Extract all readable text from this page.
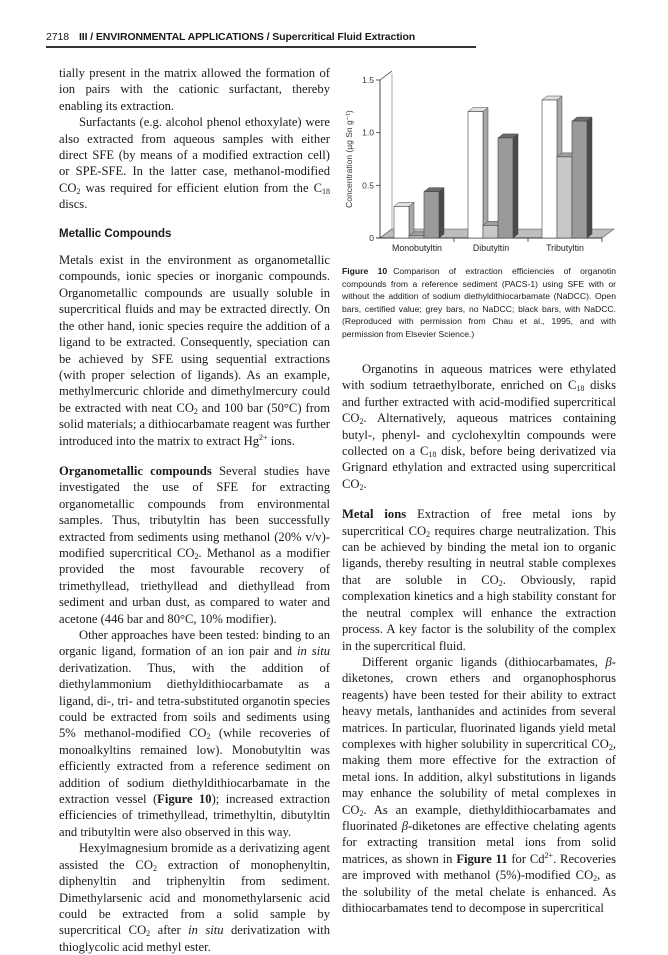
2718 III / ENVIRONMENTAL APPLICATIONS / Supercritical Fluid Extraction

tially present in the matrix allowed the formation of ion pairs with the cationic surfactant, thereby enabling its extraction.

Surfactants (e.g. alcohol phenol ethoxylate) were also extracted from aqueous samples with either direct SFE (by means of a modified extraction cell) or SPE-SFE. In the latter case, methanol-modified $CO_2$ was required for efficient elution from the $C_{18}$ discs.

Metallic Compounds

Metals exist in the environment as organometallic compounds, ionic species or inorganic compounds. Organometallic compounds are usually soluble in supercritical fluids and may be extracted directly. On the other hand, ionic species require the addition of a ligand to be extracted. Consequently, speciation can be achieved by SFE using sequential extractions (with proper selection of ligands). As an example, methylmercuric chloride and dimethylmercury could be extracted with neat $CO_2$ and 100 bar (50°C) from solid materials; a dithiocarbamate reagent was further introduced into the matrix to extract $Hg^{2+}$ ions.

Organometallic compounds Several studies have investigated the use of SFE for extracting organometallic compounds from environmental samples. Thus, tributyltin has been successfully extracted from sediments using methanol (20% v/v)-modified supercritical $CO_2$. Methanol as a modifier provided the most favourable recovery of trimethyllead, triethyllead and diethyllead from sediment and urban dust, as compared to water and acetone (446 bar and 80°C, 10% modifier).

Other approaches have been tested: binding to an organic ligand, formation of an ion pair and in situ derivatization. Thus, with the addition of diethylammonium diethyldithiocarbamate as a ligand, di-, tri- and tetra-substituted organotin species could be extracted from soils and sediments using 5% methanol-modified $CO_2$ (while recoveries of monoalkyltins remained low). Monobutyltin was efficiently extracted from a reference sediment on addition of sodium diethyldithiocarbamate in the extraction vessel (Figure 10); increased extraction efficiencies of trimethyllead, trimethyltin, dibutyltin and tributyltin were also observed in this way.

Hexylmagnesium bromide as a derivatizing agent assisted the $CO_2$ extraction of monophenyltin, diphenyltin and triphenyltin from sediment. Dimethylarsenic acid and monomethylarsenic acid could be extracted from a solid sample by supercritical $CO_2$ after in situ derivatization with thioglycolic acid methyl ester.

0
0.5
1.0
1.5
Concentration (µg Sn g⁻¹)
Monobutyltin	Dibutyltin	Tributyltin
Figure 10 Comparison of extraction efficiencies of organotin compounds from a reference sediment (PACS-1) using SFE with or without the addition of sodium diethyldithiocarbamate (NaDCC). Open bars, certified value; grey bars, no NaDCC; black bars, with NaDCC. (Reproduced with permission from Chau et al., 1995, and with permission from Elsevier Science.)

Organotins in aqueous matrices were ethylated with sodium tetraethylborate, enriched on $C_{18}$ disks and further extracted with acid-modified supercritical $CO_2$. Alternatively, aqueous matrices containing butyl-, phenyl- and cyclohexyltin compounds were collected on a $C_{18}$ disk, before being derivatized via Grignard ethylation and extracted using supercritical $CO_2$.

Metal ions Extraction of free metal ions by supercritical $CO_2$ requires charge neutralization. This can be achieved by binding the metal ion to organic ligands, thereby resulting in neutral stable complexes that are soluble in $CO_2$. Obviously, rapid complexation kinetics and a high stability constant for the neutral complex will enhance the extraction process. A key factor is the solubility of the complex in the supercritical fluid.

Different organic ligands (dithiocarbamates, β-diketones, crown ethers and organophosphorus reagents) have been tested for their ability to extract heavy metals, lanthanides and actinides from several matrices. In particular, fluorinated ligands yield metal complexes with higher solubility in supercritical $CO_2$, making them more effective for the extraction of metal ions. In addition, alkyl substitutions in ligands may enhance the solubility of metal complexes in $CO_2$. As an example, diethyldithiocarbamates and fluorinated β-diketones are effective chelating agents for extracting transition metal ions from solid matrices, as shown in Figure 11 for $Cd^{2+}$. Recoveries are improved with methanol (5%)-modified $CO_2$, as the solubility of the metal chelate is enhanced. As dithiocarbamates tend to decompose in supercritical
